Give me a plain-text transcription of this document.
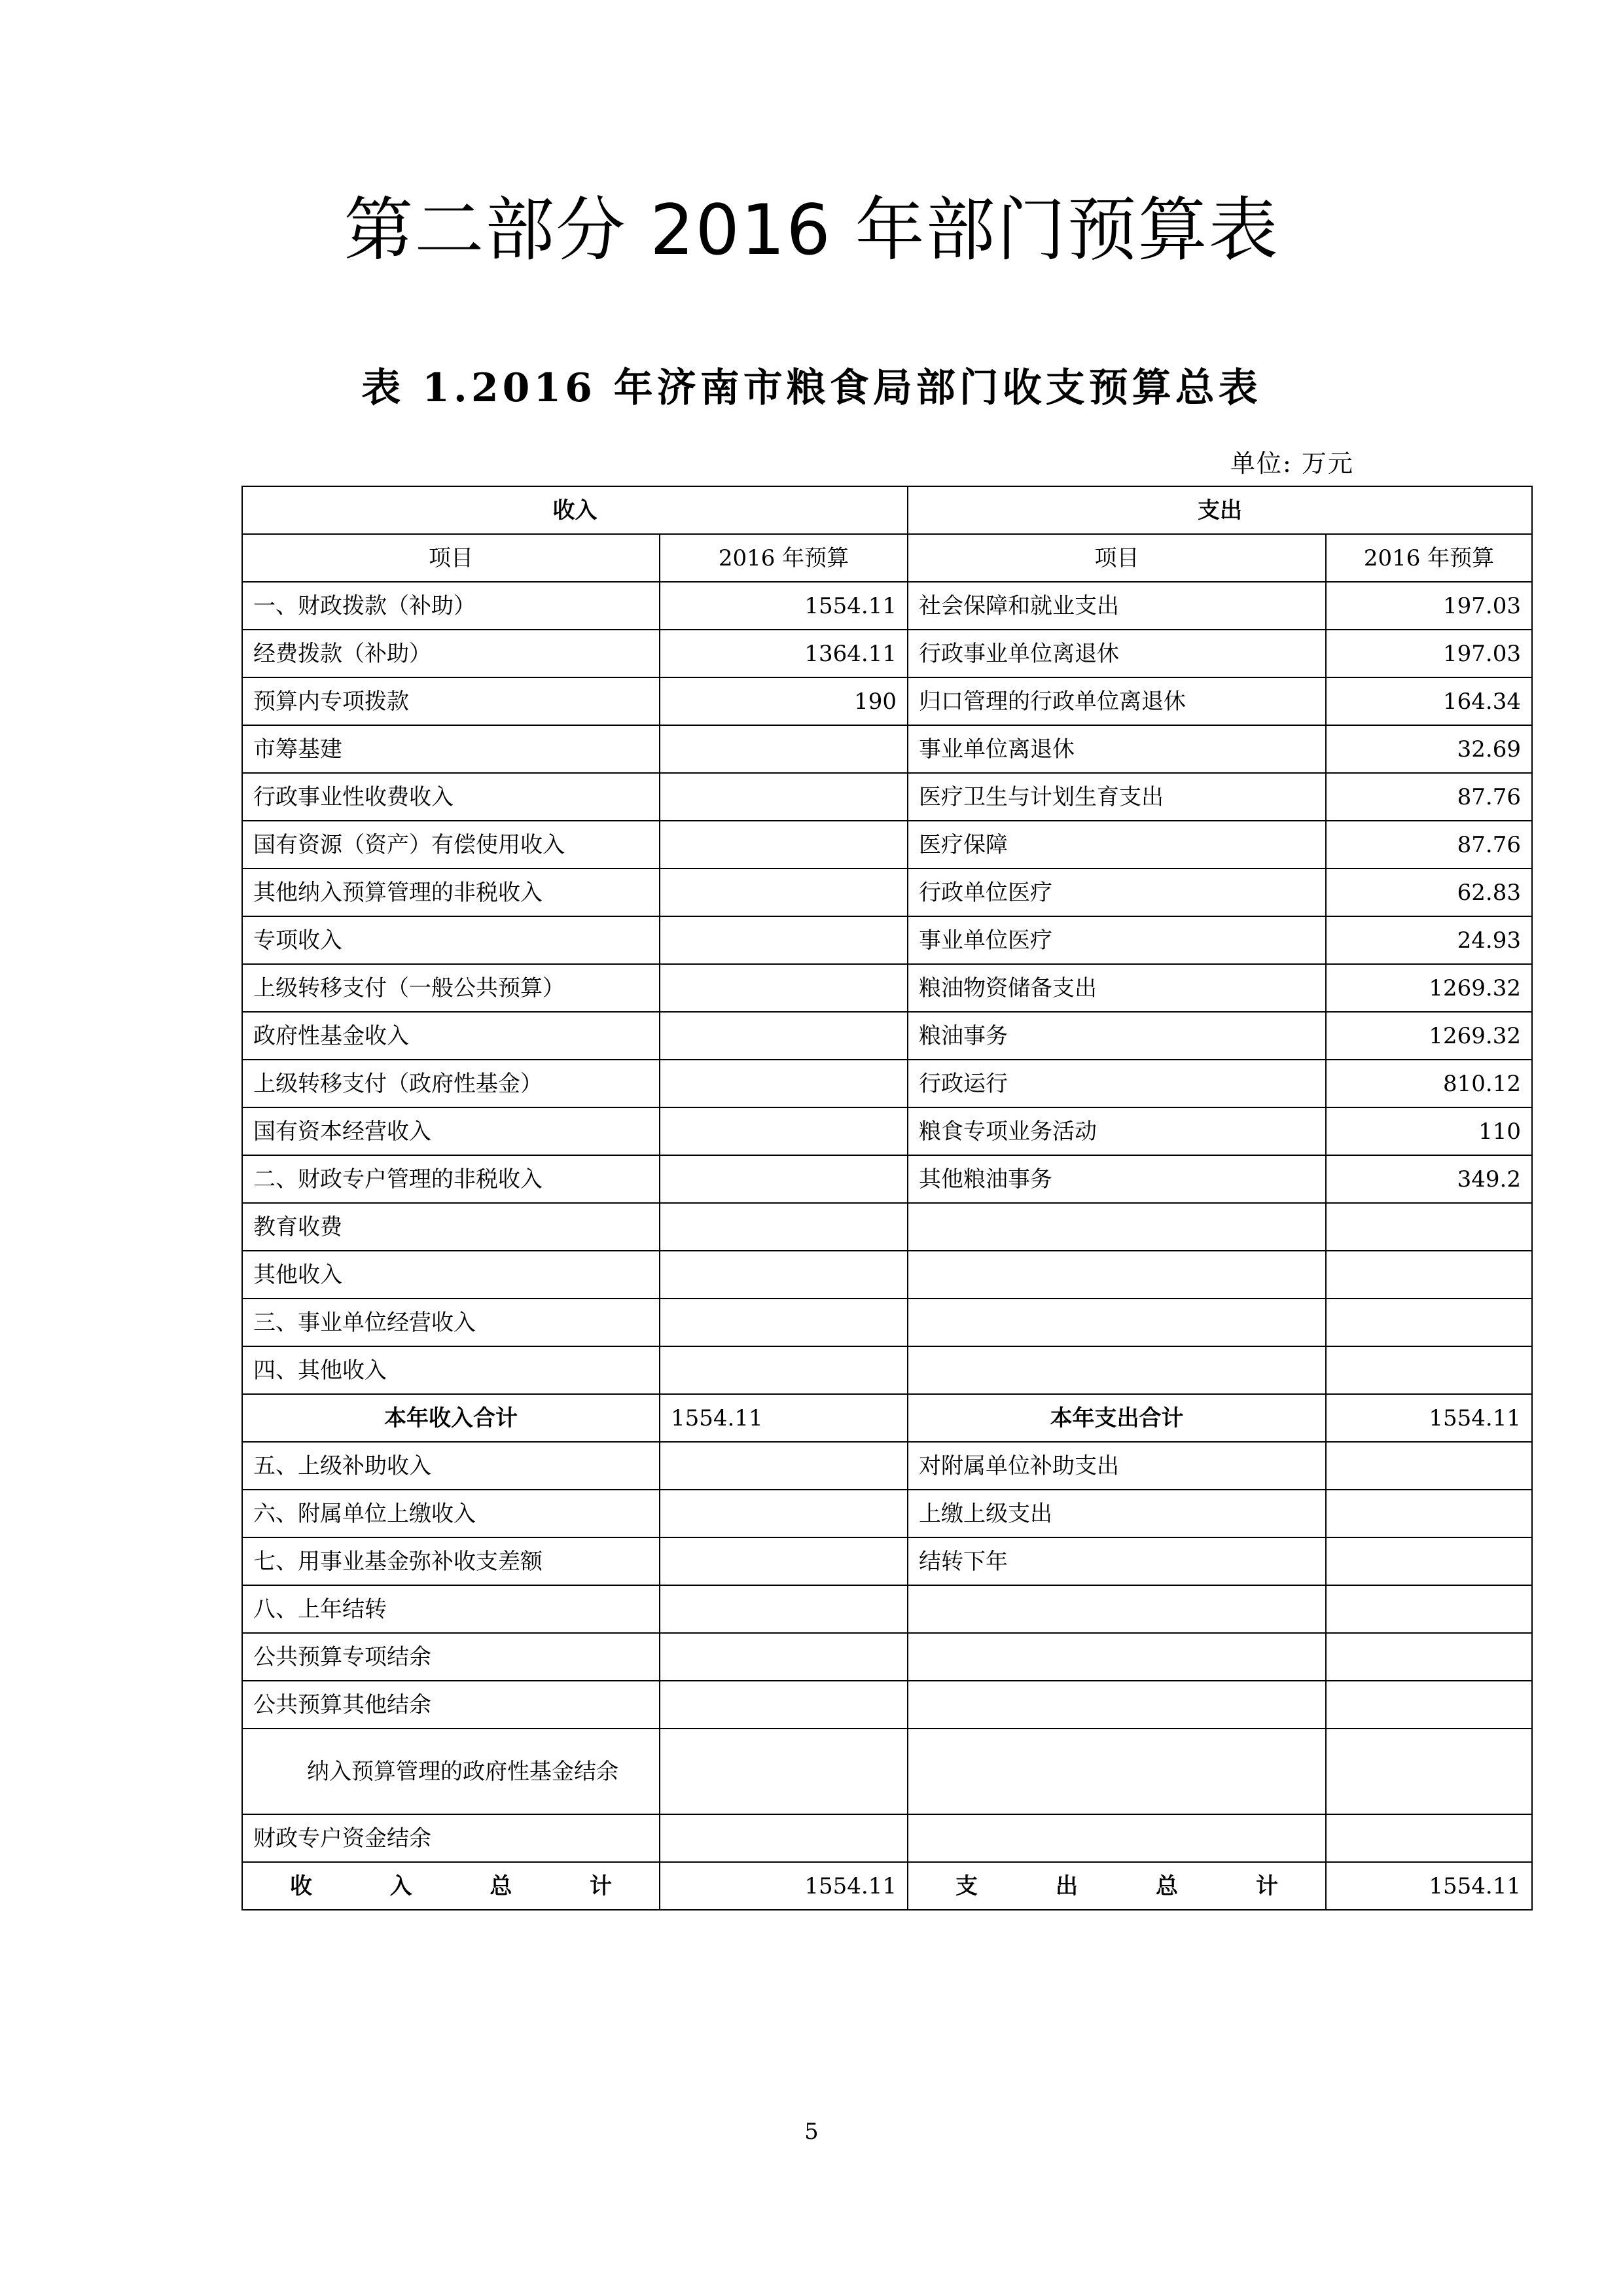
第二部分 2016 年部门预算表
表 1.2016 年济南市粮食局部门收支预算总表
单位: 万元
收入		支出	
项目	2016 年预算	项目	2016 年预算
一、财政拨款（补助）	1554.11	社会保障和就业支出	197.03
经费拨款（补助）	1364.11	行政事业单位离退休	197.03
预算内专项拨款	190	归口管理的行政单位离退休	164.34
市筹基建		事业单位离退休	32.69
行政事业性收费收入		医疗卫生与计划生育支出	87.76
国有资源（资产）有偿使用收入		医疗保障	87.76
其他纳入预算管理的非税收入		行政单位医疗	62.83
专项收入		事业单位医疗	24.93
上级转移支付（一般公共预算）		粮油物资储备支出	1269.32
政府性基金收入		粮油事务	1269.32
上级转移支付（政府性基金）		行政运行	810.12
国有资本经营收入		粮食专项业务活动	110
二、财政专户管理的非税收入		其他粮油事务	349.2
教育收费			
其他收入			
三、事业单位经营收入			
四、其他收入			
本年收入合计	1554.11	本年支出合计	1554.11
五、上级补助收入		对附属单位补助支出	
六、附属单位上缴收入		上缴上级支出	
七、用事业基金弥补收支差额		结转下年	
八、上年结转			
公共预算专项结余			
公共预算其他结余			
纳入预算管理的政府性基金结余			
财政专户资金结余			

收 入 总 计	1554.11	支 出 总 计	1554.11
5
